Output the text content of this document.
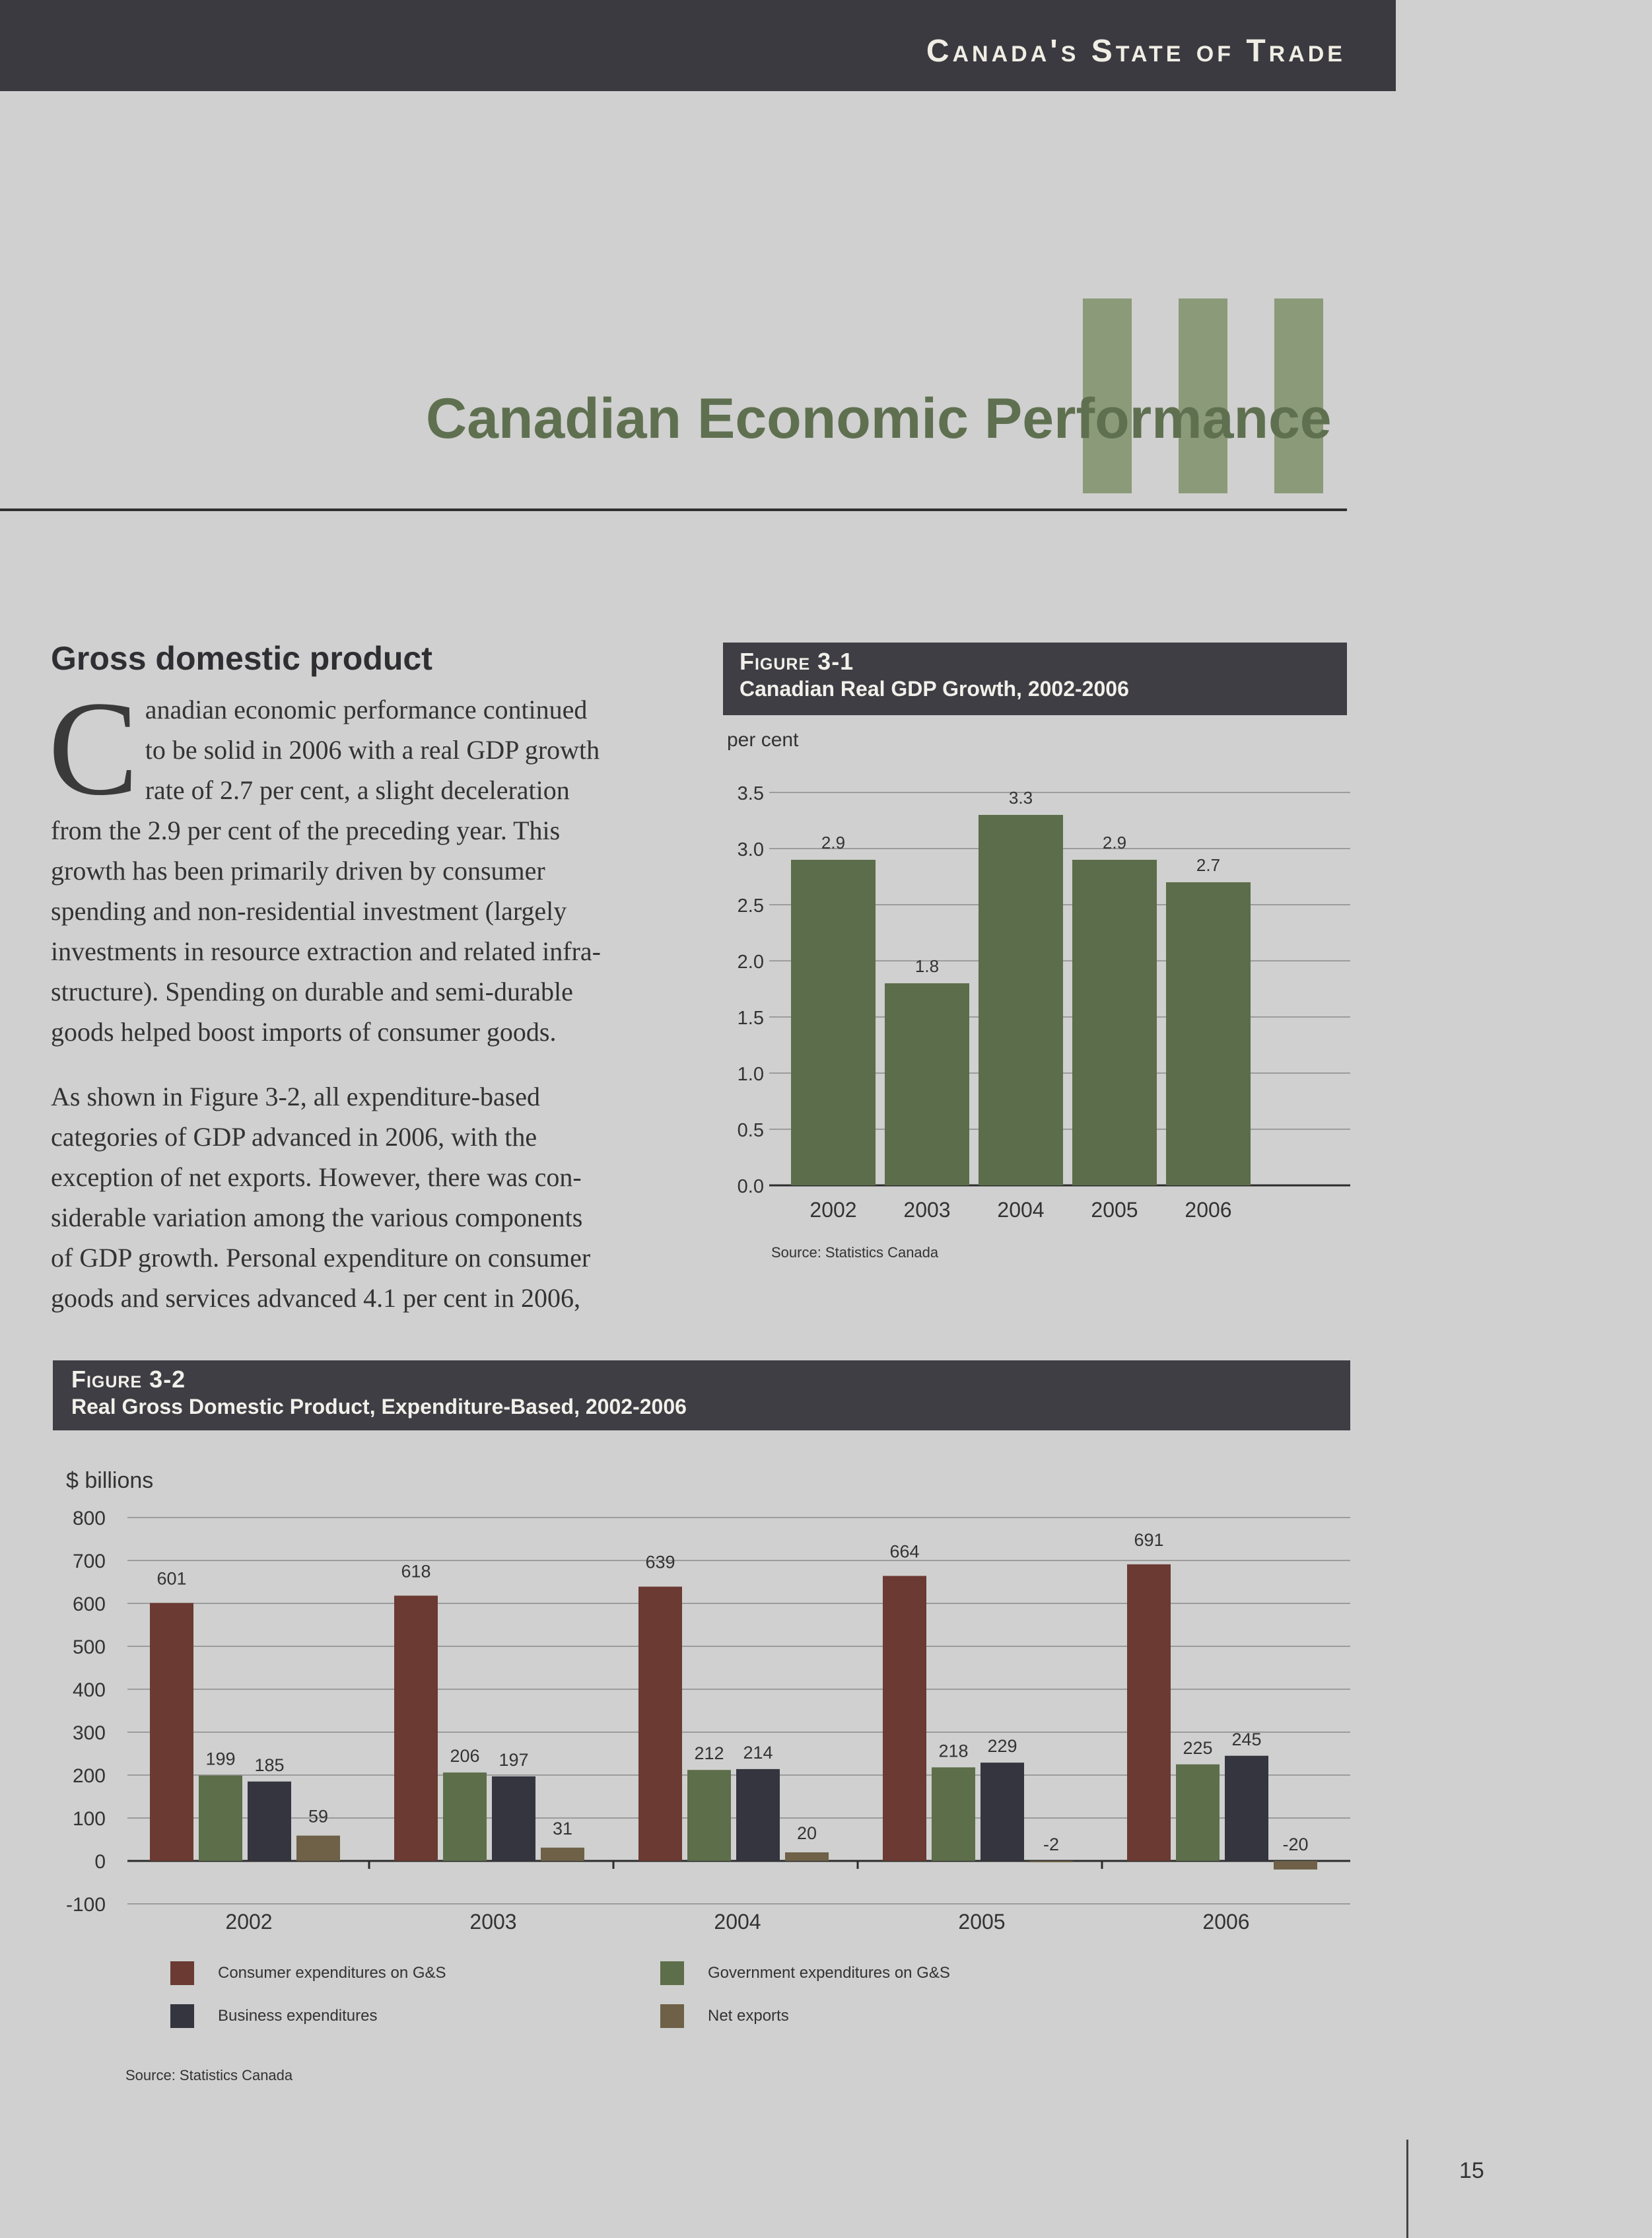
Canada's State of Trade
Canadian Economic Performance
Gross domestic product
C anadian economic performance continued
to be solid in 2006 with a real GDP growth
rate of 2.7 per cent, a slight deceleration
from the 2.9 per cent of the preceding year. This
growth has been primarily driven by consumer
spending and non-residential investment (largely
investments in resource extraction and related infra-
structure). Spending on durable and semi-durable
goods helped boost imports of consumer goods.
As shown in Figure 3-2, all expenditure-based
categories of GDP advanced in 2006, with the
exception of net exports. However, there was con-
siderable variation among the various components
of GDP growth. Personal expenditure on consumer
goods and services advanced 4.1 per cent in 2006,
Figure 3-1
Canadian Real GDP Growth, 2002-2006
per cent
0.0
0.5
1.0
1.5
2.0
2.5
3.0
3.5
2.9
2002
1.8
2003
3.3
2004
2.9
2005
2.7
2006
Source: Statistics Canada
Figure 3-2
Real Gross Domestic Product, Expenditure-Based, 2002-2006
$ billions
-100
0
100
200
300
400
500
600
700
800
601
199 185
59
2002
618
206 197
31
2003
639
212 214
20
2004
664
218 229
-2
2005
691
225 245
-20
2006
Consumer expenditures on G&S	Government expenditures on G&S
Business expenditures	Net exports
Source: Statistics Canada
15
